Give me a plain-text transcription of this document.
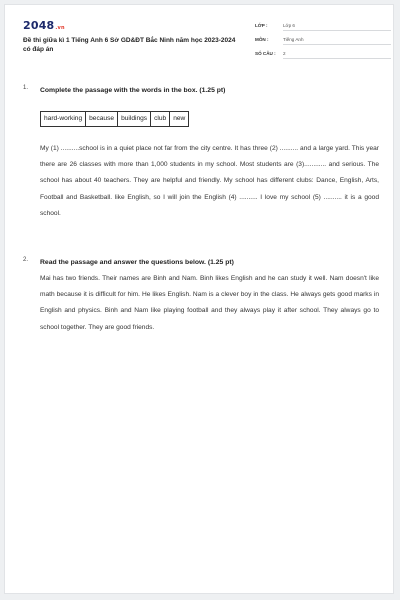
2048.vn
Đề thi giữa kì 1 Tiếng Anh 6 Sở GD&ĐT Bắc Ninh năm học 2023-2024 có đáp án
LỚP :	Lớp 6
MÔN :	Tiếng Anh
SỐ CÂU : 2
1. Complete the passage with the words in the box. (1.25 pt)
hard-working	because	buildings	club	new

My (1) ..........school is in a quiet place not far from the city centre. It has three (2) .......... and a large yard. This year there are 26 classes with more than 1,000 students in my school. Most students are (3)............ and serious. The school has about 40 teachers. They are helpful and friendly. My school has different clubs: Dance, English, Arts, Football and Basketball. like English, so I will join the English (4) .......... I love my school (5) .......... it is a good school.

2. Read the passage and answer the questions below. (1.25 pt)

Mai has two friends. Their names are Binh and Nam. Binh likes English and he can study it well. Nam doesn't like math because it is difficult for him. He likes English. Nam is a clever boy in the class. He always gets good marks in English and physics. Binh and Nam like playing football and they always play it after school. They always go to school together. They are good friends.
